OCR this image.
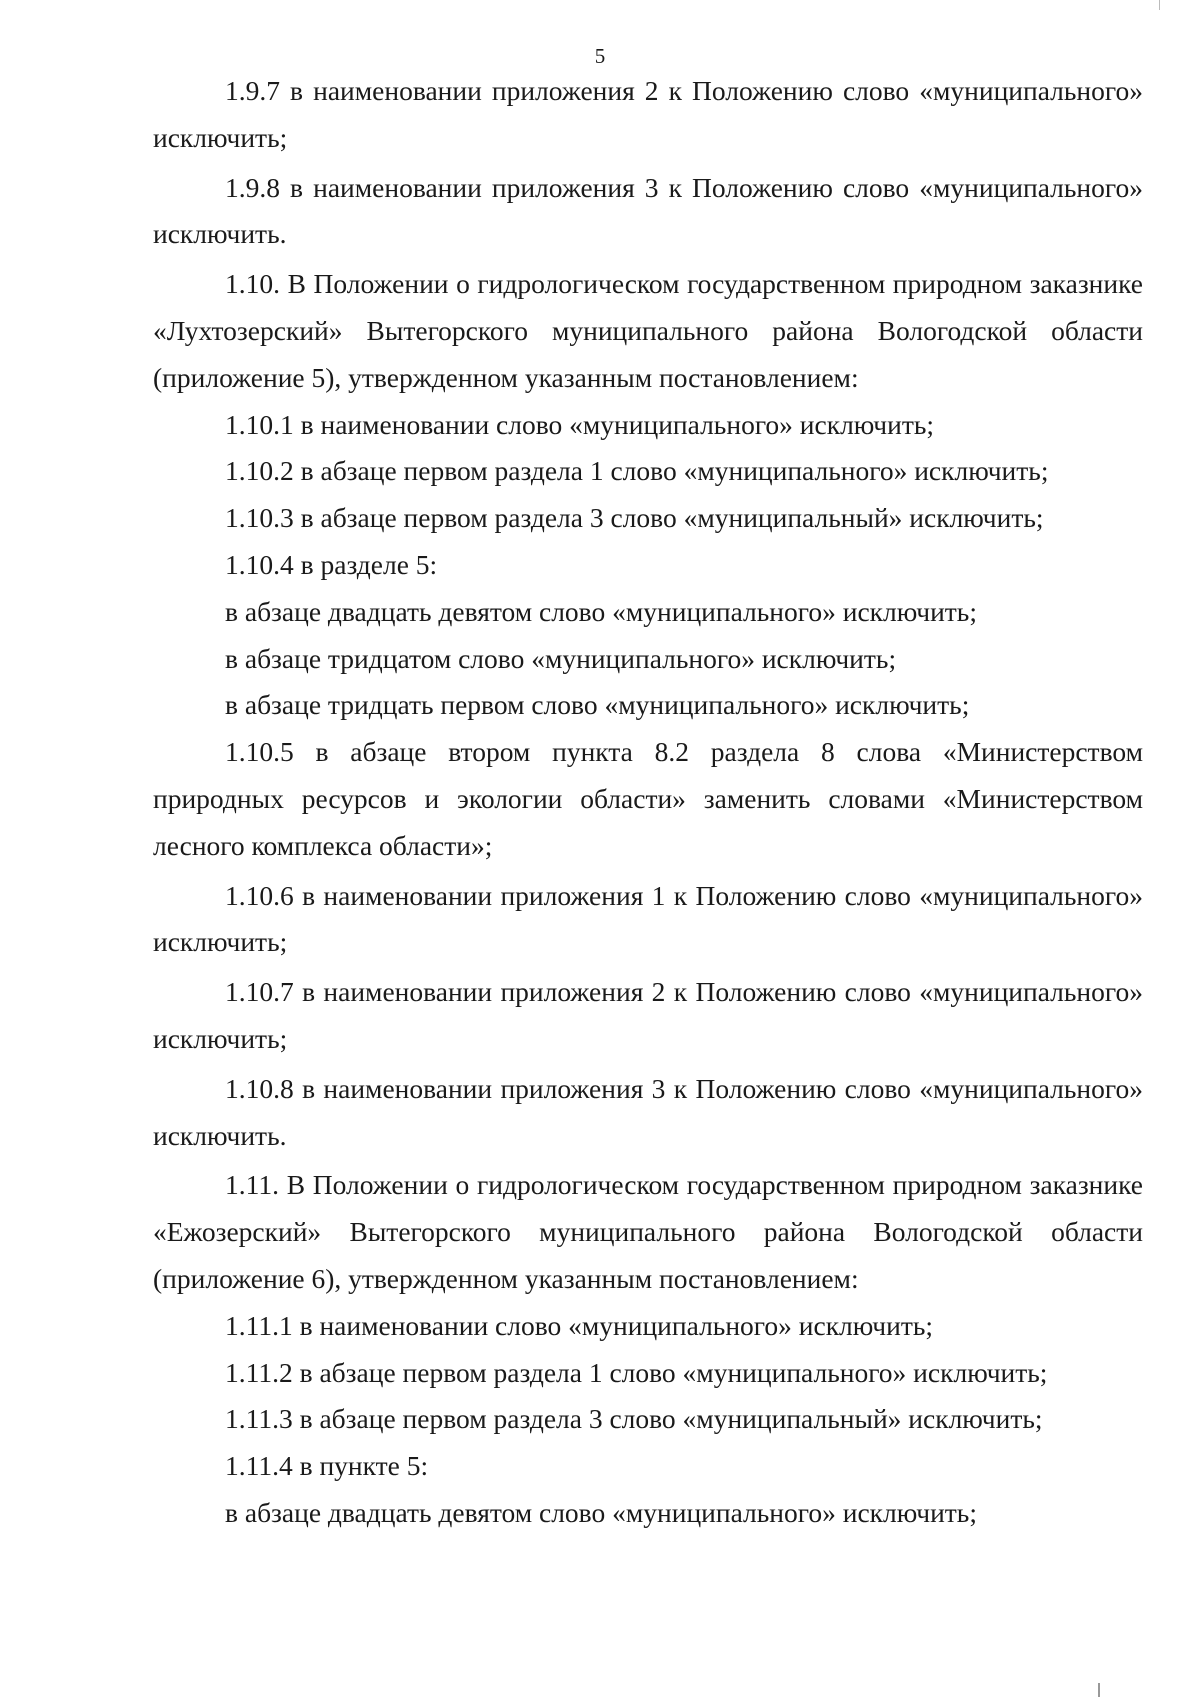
5

1.9.7 в наименовании приложения 2 к Положению слово «муниципального» исключить;

1.9.8 в наименовании приложения 3 к Положению слово «муниципального» исключить.

1.10. В Положении о гидрологическом государственном природном заказнике «Лухтозерский» Вытегорского муниципального района Вологодской области (приложение 5), утвержденном указанным постановлением:

1.10.1 в наименовании слово «муниципального» исключить;

1.10.2 в абзаце первом раздела 1 слово «муниципального» исключить;

1.10.3 в абзаце первом раздела 3 слово «муниципальный» исключить;

1.10.4 в разделе 5:

в абзаце двадцать девятом слово «муниципального» исключить;

в абзаце тридцатом слово «муниципального» исключить;

в абзаце тридцать первом слово «муниципального» исключить;

1.10.5 в абзаце втором пункта 8.2 раздела 8 слова «Министерством природных ресурсов и экологии области» заменить словами «Министерством лесного комплекса области»;

1.10.6 в наименовании приложения 1 к Положению слово «муниципального» исключить;

1.10.7 в наименовании приложения 2 к Положению слово «муниципального» исключить;

1.10.8 в наименовании приложения 3 к Положению слово «муниципального» исключить.

1.11. В Положении о гидрологическом государственном природном заказнике «Ежозерский» Вытегорского муниципального района Вологодской области (приложение 6), утвержденном указанным постановлением:

1.11.1 в наименовании слово «муниципального» исключить;

1.11.2 в абзаце первом раздела 1 слово «муниципального» исключить;

1.11.3 в абзаце первом раздела 3 слово «муниципальный» исключить;

1.11.4 в пункте 5:

в абзаце двадцать девятом слово «муниципального» исключить;
